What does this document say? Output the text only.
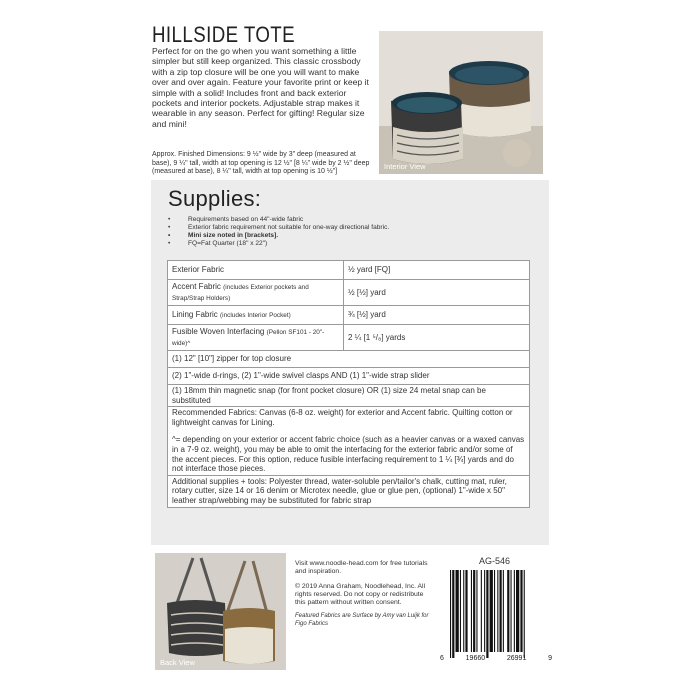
HILLSIDE TOTE

Perfect for on the go when you want something a little simpler but still keep organized. This classic crossbody with a zip top closure will be one you will want to make over and over again. Feature your favorite print or keep it simple with a solid! Includes front and back exterior pockets and interior pockets. Adjustable strap makes it wearable in any season. Perfect for gifting! Regular size and mini!

Approx. Finished Dimensions: 9 ½" wide by 3" deep (measured at base), 9 ¼" tall, width at top opening is 12 ½" [8 ¼" wide by 2 ½" deep (measured at base), 8 ¼" tall, width at top opening is 10 ½"]

Interior View
Supplies:
• Requirements based on 44"-wide fabric
• Exterior fabric requirement not suitable for one-way directional fabric.
• Mini size noted in [brackets].
• FQ=Fat Quarter (18" x 22")
Exterior Fabric	½ yard [FQ]
Accent Fabric (includes Exterior pockets and Strap/Strap Holders)	½ [½] yard
Lining Fabric (includes Interior Pocket)	¾ [½] yard
Fusible Woven Interfacing (Pellon SF101 - 20"-wide)^	2 ¼ [1 ⁵/₈] yards
(1) 12" [10"] zipper for top closure	
(2) 1"-wide d-rings, (2) 1"-wide swivel clasps AND (1) 1"-wide strap slider	
(1) 18mm thin magnetic snap (for front pocket closure) OR (1) size 24 metal snap can be substituted	

Recommended Fabrics: Canvas (6-8 oz. weight) for exterior and Accent fabric. Quilting cotton or lightweight canvas for Lining.

^= depending on your exterior or accent fabric choice (such as a heavier canvas or a waxed canvas in a 7-9 oz. weight), you may be able to omit the interfacing for the exterior fabric and/or some of the accent pieces. For this option, reduce fusible interfacing requirement to 1 ¼ [¾] yards and do not interface those pieces.	

Additional supplies + tools: Polyester thread, water-soluble pen/tailor's chalk, cutting mat, ruler, rotary cutter, size 14 or 16 denim or Microtex needle, glue or glue pen, (optional) 1"-wide x 50" leather strap/webbing may be substituted for fabric strap	
Back View

Visit www.noodle-head.com for free tutorials and inspiration.

© 2019 Anna Graham, Noodlehead, Inc. All rights reserved. Do not copy or redistribute this pattern without written consent.

Featured Fabrics are Surface by Amy van Luijk for Figo Fabrics

AG-546
6	19660	26991	9
